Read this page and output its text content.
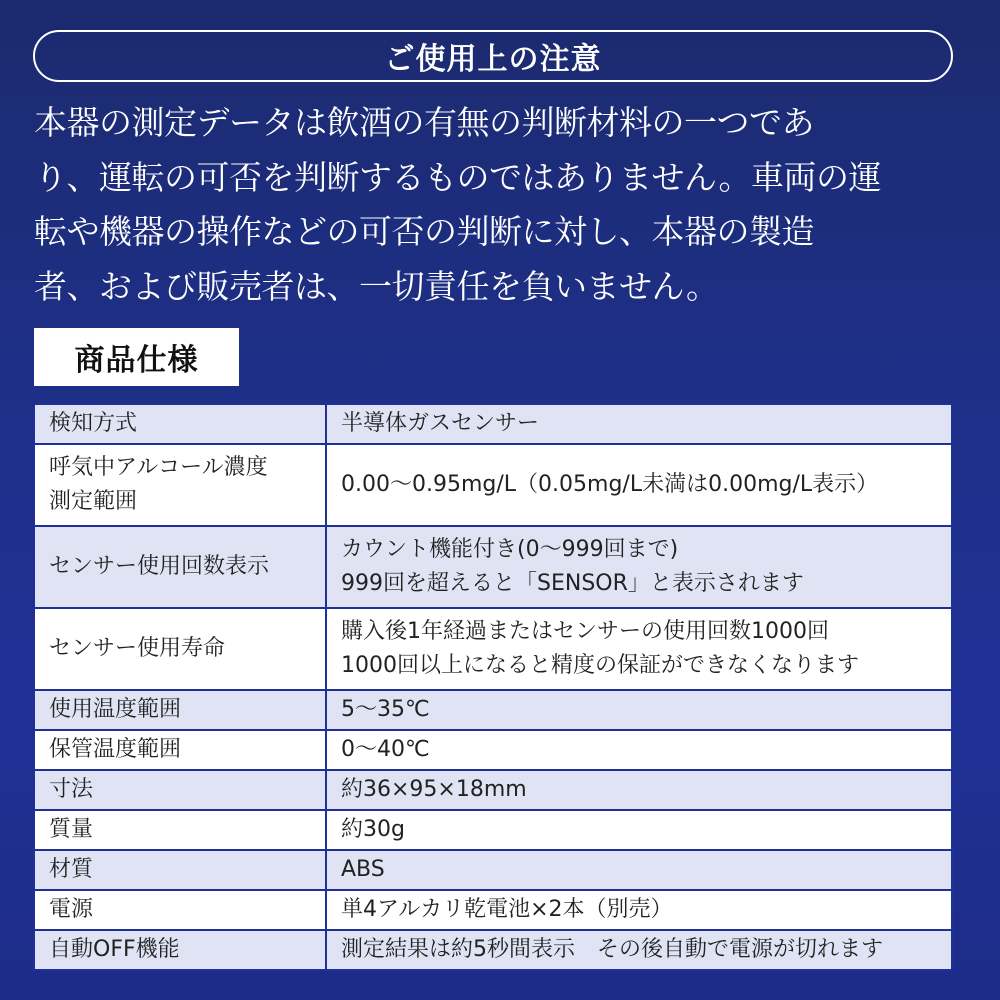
ご使用上の注意

本器の測定データは飲酒の有無の判断材料の一つであ
り、運転の可否を判断するものではありません。車両の運
転や機器の操作などの可否の判断に対し、本器の製造
者、および販売者は、一切責任を負いません。

商品仕様
検知方式	半導体ガスセンサー

呼気中アルコール濃度
測定範囲	0.00〜0.95mg/L（0.05mg/L未満は0.00mg/L表示）

センサー使用回数表示	カウント機能付き(0〜999回まで)
999回を超えると「SENSOR」と表示されます

センサー使用寿命	購入後1年経過またはセンサーの使用回数1000回
1000回以上になると精度の保証ができなくなります

使用温度範囲	5〜35℃

保管温度範囲	0〜40℃

寸法	約36×95×18mm

質量	約30g

材質	ABS

電源	単4アルカリ乾電池×2本（別売）

自動OFF機能	測定結果は約5秒間表示　その後自動で電源が切れます
